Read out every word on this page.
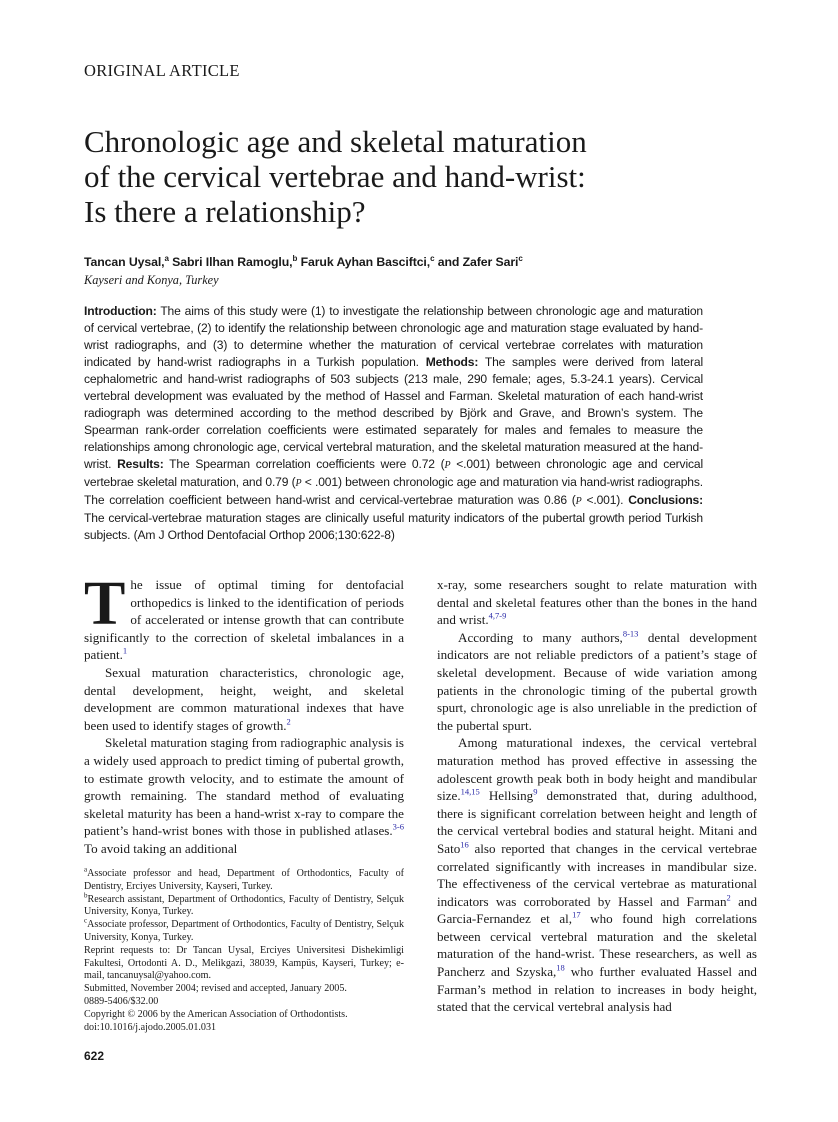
ORIGINAL ARTICLE
Chronologic age and skeletal maturation
of the cervical vertebrae and hand-wrist:
Is there a relationship?
Tancan Uysal,$^a$ Sabri Ilhan Ramoglu,$^b$ Faruk Ayhan Basciftci,$^c$ and Zafer Sari$^c$
Kayseri and Konya, Turkey

Introduction: The aims of this study were (1) to investigate the relationship between chronologic age and maturation of cervical vertebrae, (2) to identify the relationship between chronologic age and maturation stage evaluated by hand-wrist radiographs, and (3) to determine whether the maturation of cervical vertebrae correlates with maturation indicated by hand-wrist radiographs in a Turkish population. Methods: The samples were derived from lateral cephalometric and hand-wrist radiographs of 503 subjects (213 male, 290 female; ages, 5.3-24.1 years). Cervical vertebral development was evaluated by the method of Hassel and Farman. Skeletal maturation of each hand-wrist radiograph was determined according to the method described by Björk and Grave, and Brown’s system. The Spearman rank-order correlation coefficients were estimated separately for males and females to measure the relationships among chronologic age, cervical vertebral maturation, and the skeletal maturation measured at the hand-wrist. Results: The Spearman correlation coefficients were 0.72 (P <.001) between chronologic age and cervical vertebrae skeletal maturation, and 0.79 (P < .001) between chronologic age and maturation via hand-wrist radiographs. The correlation coefficient between hand-wrist and cervical-vertebrae maturation was 0.86 (P <.001). Conclusions: The cervical-vertebrae maturation stages are clinically useful maturity indicators of the pubertal growth period Turkish subjects. (Am J Orthod Dentofacial Orthop 2006;130:622-8)

The issue of optimal timing for dentofacial orthopedics is linked to the identification of periods of accelerated or intense growth that can contribute significantly to the correction of skeletal imbalances in a patient.$^1$

Sexual maturation characteristics, chronologic age, dental development, height, weight, and skeletal development are common maturational indexes that have been used to identify stages of growth.$^2$

Skeletal maturation staging from radiographic analysis is a widely used approach to predict timing of pubertal growth, to estimate growth velocity, and to estimate the amount of growth remaining. The standard method of evaluating skeletal maturity has been a hand-wrist x-ray to compare the patient’s hand-wrist bones with those in published atlases.$^{3-6}$ To avoid taking an additional

x-ray, some researchers sought to relate maturation with dental and skeletal features other than the bones in the hand and wrist.$^{4,7-9}$

According to many authors,$^{8-13}$ dental development indicators are not reliable predictors of a patient’s stage of skeletal development. Because of wide variation among patients in the chronologic timing of the pubertal growth spurt, chronologic age is also unreliable in the prediction of the pubertal spurt.

Among maturational indexes, the cervical vertebral maturation method has proved effective in assessing the adolescent growth peak both in body height and mandibular size.$^{14,15}$ Hellsing$^9$ demonstrated that, during adulthood, there is significant correlation between height and length of the cervical vertebral bodies and statural height. Mitani and Sato$^{16}$ also reported that changes in the cervical vertebrae correlated significantly with increases in mandibular size. The effectiveness of the cervical vertebrae as maturational indicators was corroborated by Hassel and Farman$^2$ and Garcia-Fernandez et al,$^{17}$ who found high correlations between cervical vertebral maturation and the skeletal maturation of the hand-wrist. These researchers, as well as Pancherz and Szyska,$^{18}$ who further evaluated Hassel and Farman’s method in relation to increases in body height, stated that the cervical vertebral analysis had

$^a$Associate professor and head, Department of Orthodontics, Faculty of Dentistry, Erciyes University, Kayseri, Turkey.
$^b$Research assistant, Department of Orthodontics, Faculty of Dentistry, Selçuk University, Konya, Turkey.
$^c$Associate professor, Department of Orthodontics, Faculty of Dentistry, Selçuk University, Konya, Turkey.
Reprint requests to: Dr Tancan Uysal, Erciyes Universitesi Dishekimligi Fakultesi, Ortodonti A. D., Melikgazi, 38039, Kampüs, Kayseri, Turkey; e-mail, tancanuysal@yahoo.com.
Submitted, November 2004; revised and accepted, January 2005.
0889-5406/$32.00
Copyright © 2006 by the American Association of Orthodontists.
doi:10.1016/j.ajodo.2005.01.031
622
